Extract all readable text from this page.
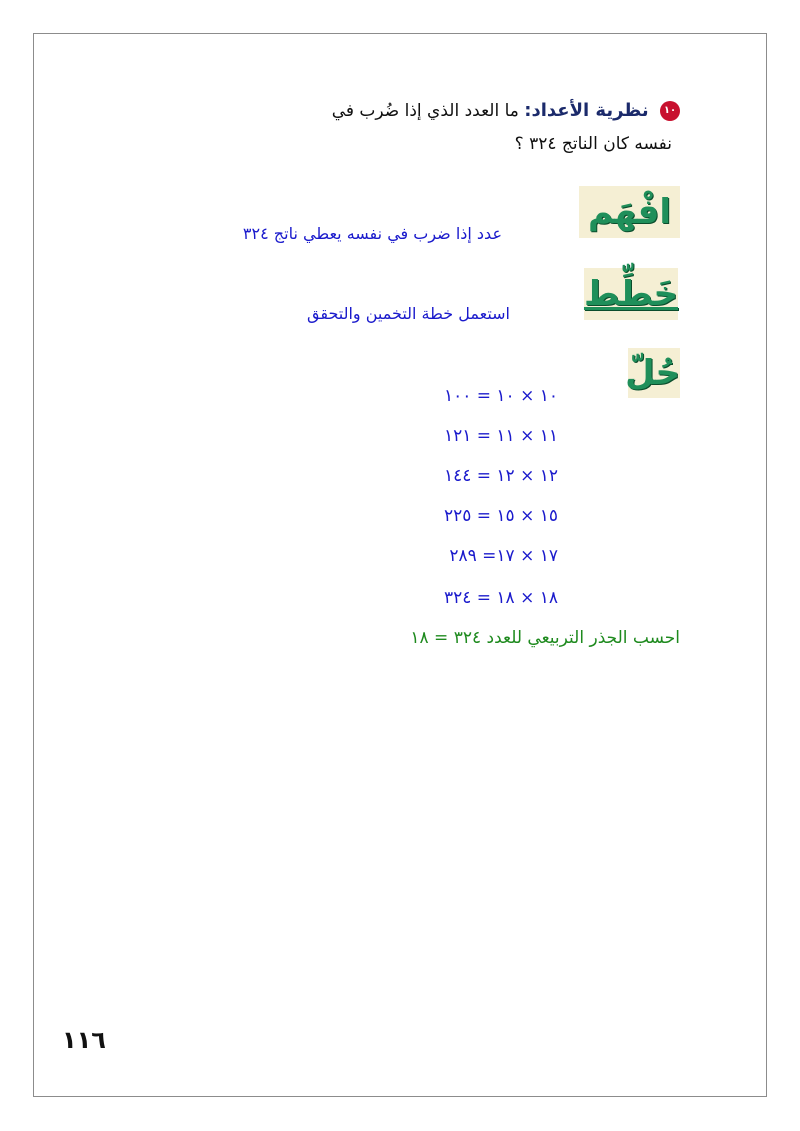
١٠ نظرية الأعداد: ما العدد الذي إذا ضُرب في
نفسه كان الناتج ٣٢٤ ؟
افْهَم
عدد إذا ضرب في نفسه يعطي ناتج ٣٢٤
خَطِّط
استعمل خطة التخمين والتحقق
حُلّ
١٠ × ١٠ = ١٠٠
١١ × ١١ = ١٢١
١٢ × ١٢ = ١٤٤
١٥ × ١٥ = ٢٢٥
١٧ × ١٧= ٢٨٩
١٨ × ١٨ = ٣٢٤
احسب الجذر التربيعي للعدد ٣٢٤ = ١٨
١١٦
